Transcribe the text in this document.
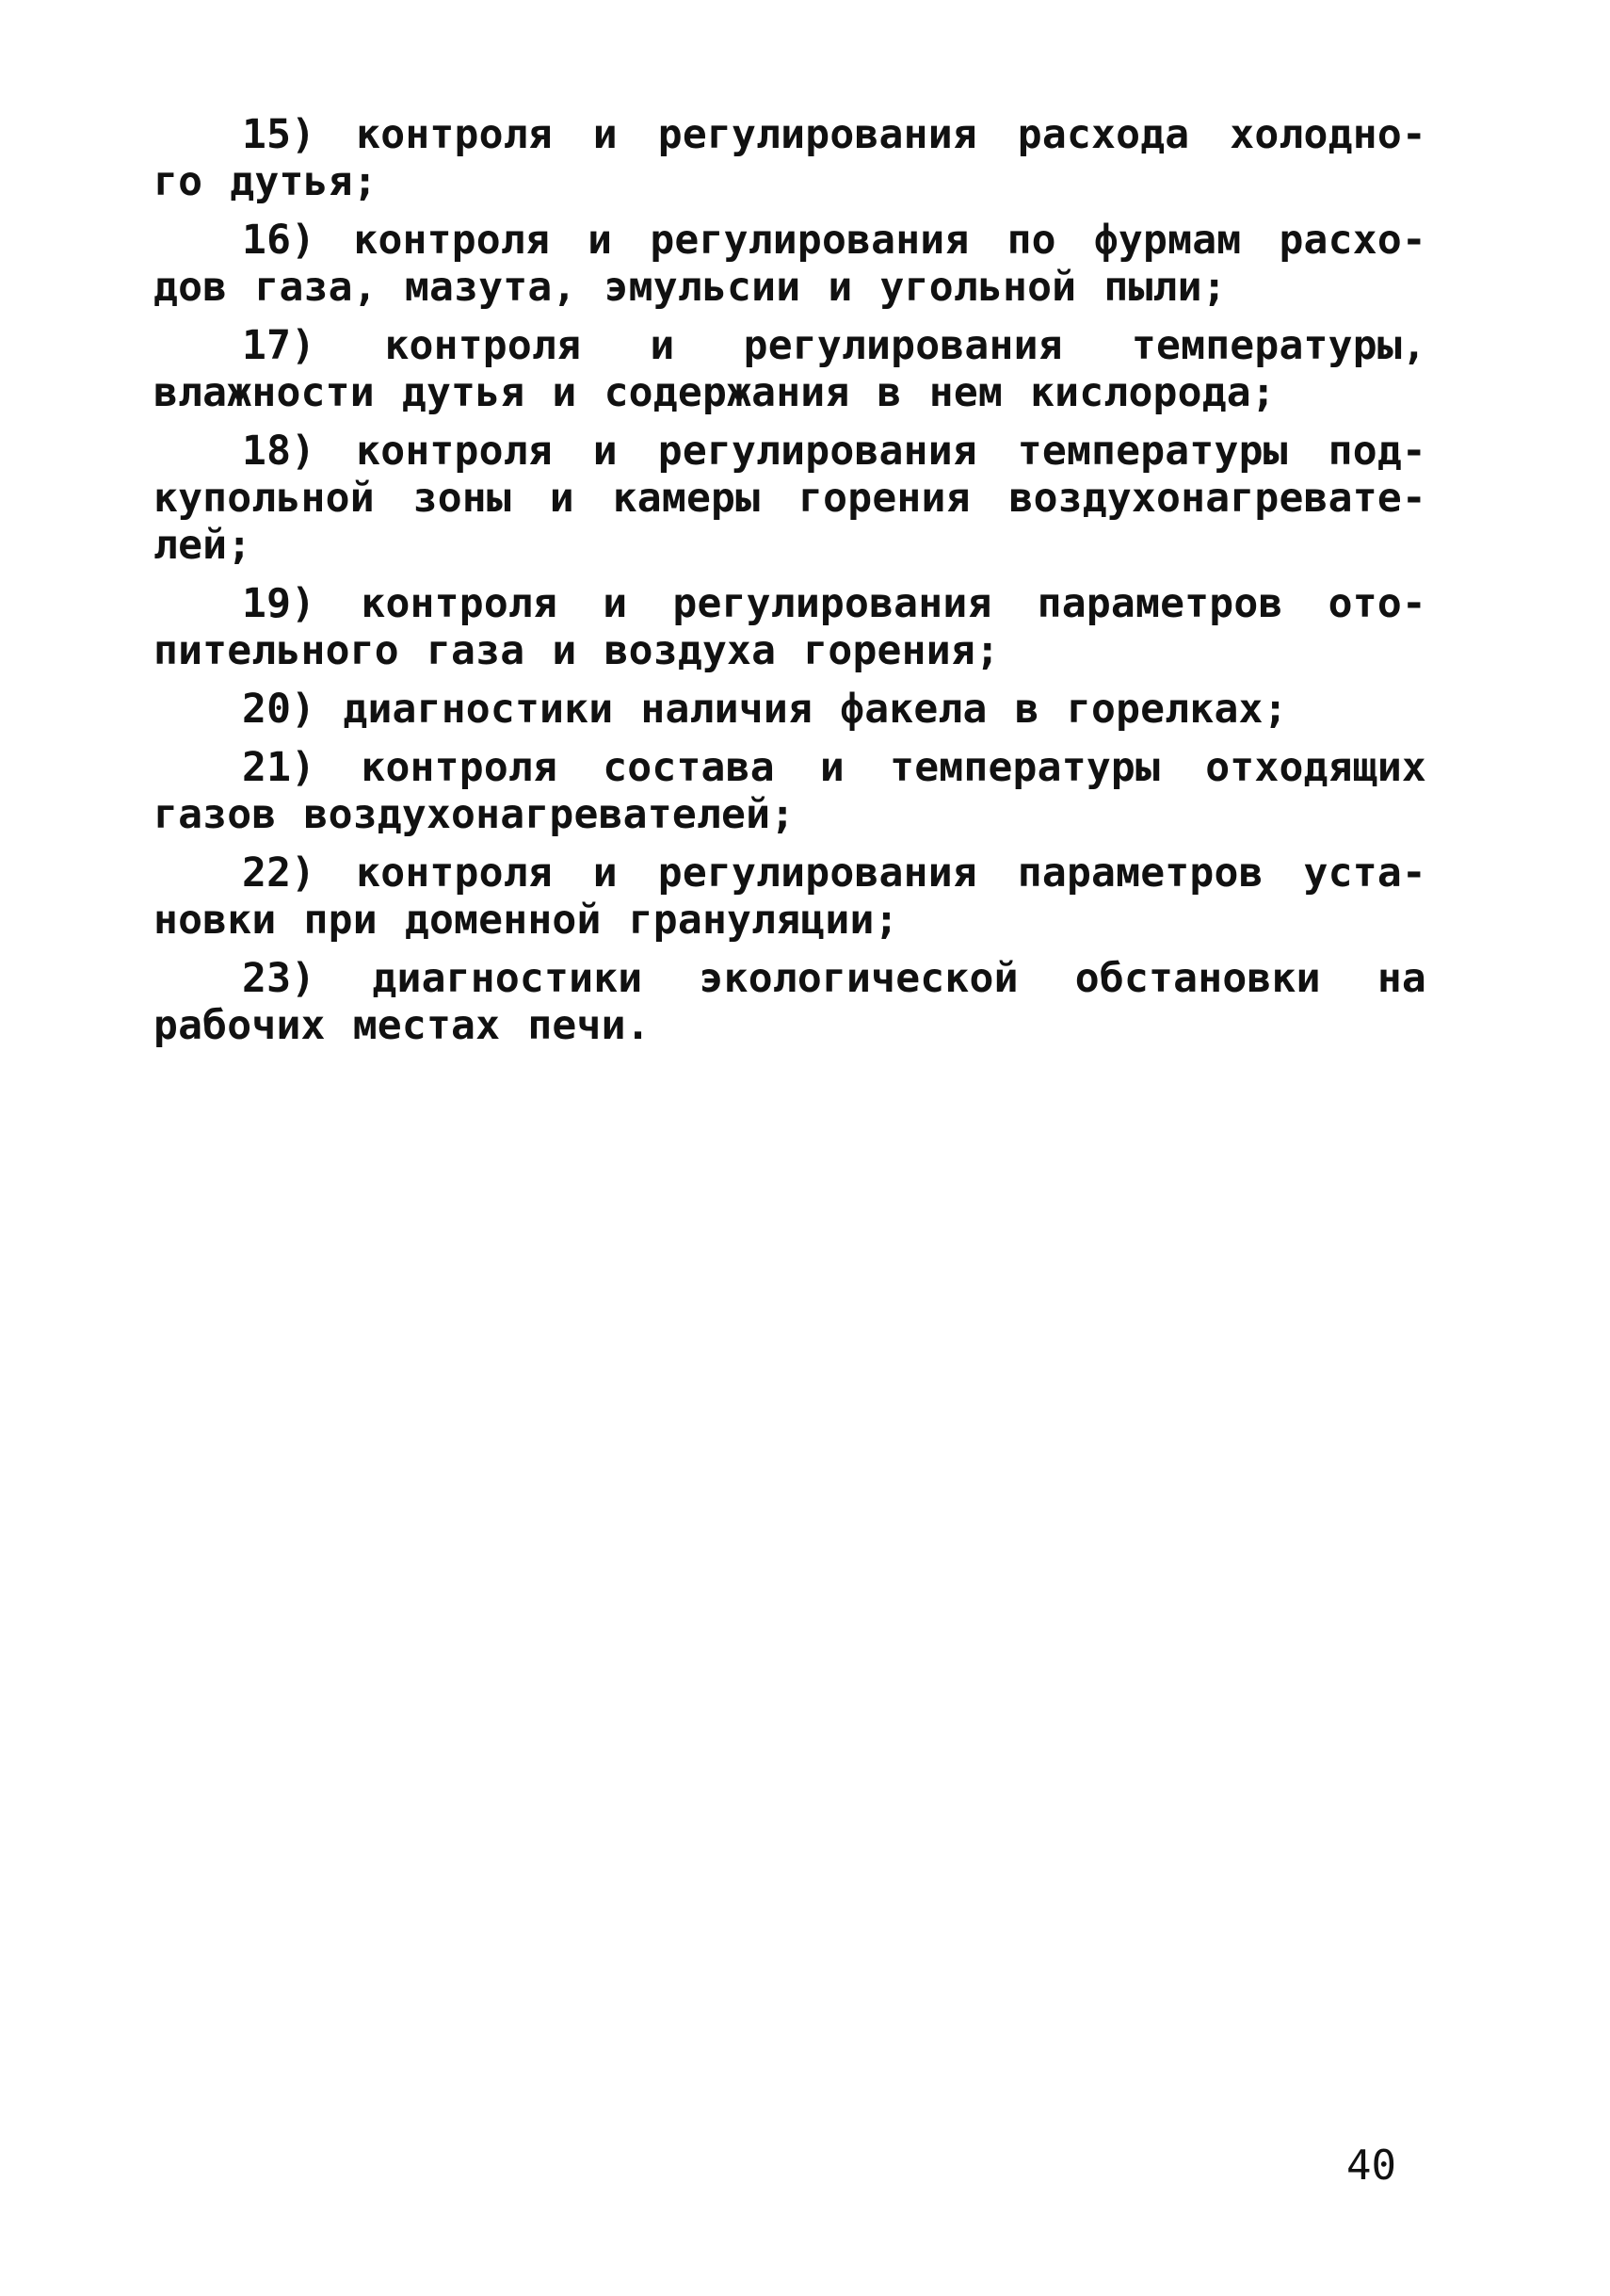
15) контроля и регулирования расхода холодно-
го дутья;

16) контроля и регулирования по фурмам расхо-
дов газа, мазута, эмульсии и угольной пыли;

17) контроля и регулирования температуры,
влажности дутья и содержания в нем кислорода;

18) контроля и регулирования температуры под-
купольной зоны и камеры горения воздухонагревате-
лей;

19) контроля и регулирования параметров ото-
пительного газа и воздуха горения;

20) диагностики наличия факела в горелках;

21) контроля состава и температуры отходящих
газов воздухонагревателей;

22) контроля и регулирования параметров уста-
новки при доменной грануляции;

23) диагностики экологической обстановки на
рабочих местах печи.

40
